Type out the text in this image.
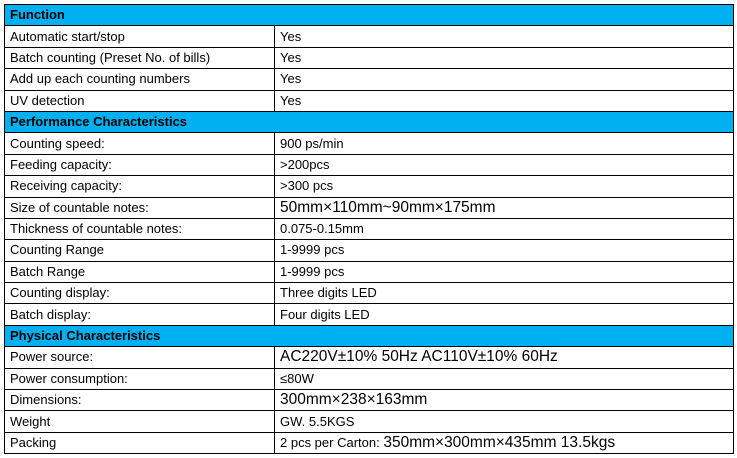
Function	
Automatic start/stop	Yes
Batch counting (Preset No. of bills)	Yes
Add up each counting numbers	Yes
UV detection	Yes
Performance Characteristics	
Counting speed:	900 ps/min
Feeding capacity:	>200pcs
Receiving capacity:	>300 pcs
Size of countable notes:	50mm×110mm~90mm×175mm
Thickness of countable notes:	0.075-0.15mm
Counting Range	1-9999 pcs
Batch Range	1-9999 pcs
Counting display:	Three digits LED
Batch display:	Four digits LED
Physical Characteristics	
Power source:	AC220V±10% 50Hz AC110V±10% 60Hz
Power consumption:	≤80W
Dimensions:	300mm×238×163mm
Weight	GW. 5.5KGS
Packing	2 pcs per Carton: 350mm×300mm×435mm 13.5kgs
